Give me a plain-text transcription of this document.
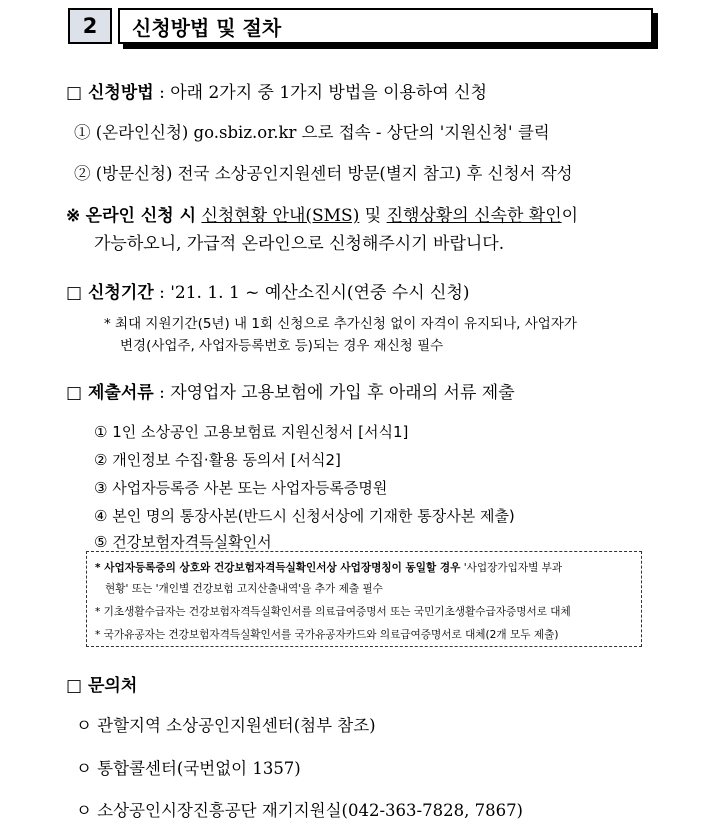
2	신청방법 및 절차
□ 신청방법 : 아래 2가지 중 1가지 방법을 이용하여 신청
① (온라인신청) go.sbiz.or.kr 으로 접속 - 상단의 '지원신청' 클릭
② (방문신청) 전국 소상공인지원센터 방문(별지 참고) 후 신청서 작성
※ 온라인 신청 시 신청현황 안내(SMS) 및 진행상황의 신속한 확인이
가능하오니, 가급적 온라인으로 신청해주시기 바랍니다.
□ 신청기간 : '21. 1. 1 ~ 예산소진시(연중 수시 신청)
* 최대 지원기간(5년) 내 1회 신청으로 추가신청 없이 자격이 유지되나, 사업자가
변경(사업주, 사업자등록번호 등)되는 경우 재신청 필수
□ 제출서류 : 자영업자 고용보험에 가입 후 아래의 서류 제출
① 1인 소상공인 고용보험료 지원신청서 [서식1]
② 개인정보 수집·활용 동의서 [서식2]
③ 사업자등록증 사본 또는 사업자등록증명원
④ 본인 명의 통장사본(반드시 신청서상에 기재한 통장사본 제출)
⑤ 건강보험자격득실확인서
* 사업자등록증의 상호와 건강보험자격득실확인서상 사업장명칭이 동일할 경우 '사업장가입자별 부과
현황' 또는 '개인별 건강보험 고지산출내역'을 추가 제출 필수
* 기초생활수급자는 건강보험자격득실확인서를 의료급여증명서 또는 국민기초생활수급자증명서로 대체
* 국가유공자는 건강보험자격득실확인서를 국가유공자카드와 의료급여증명서로 대체(2개 모두 제출)
□ 문의처
ㅇ 관할지역 소상공인지원센터(첨부 참조)
ㅇ 통합콜센터(국번없이 1357)
ㅇ 소상공인시장진흥공단 재기지원실(042-363-7828, 7867)
